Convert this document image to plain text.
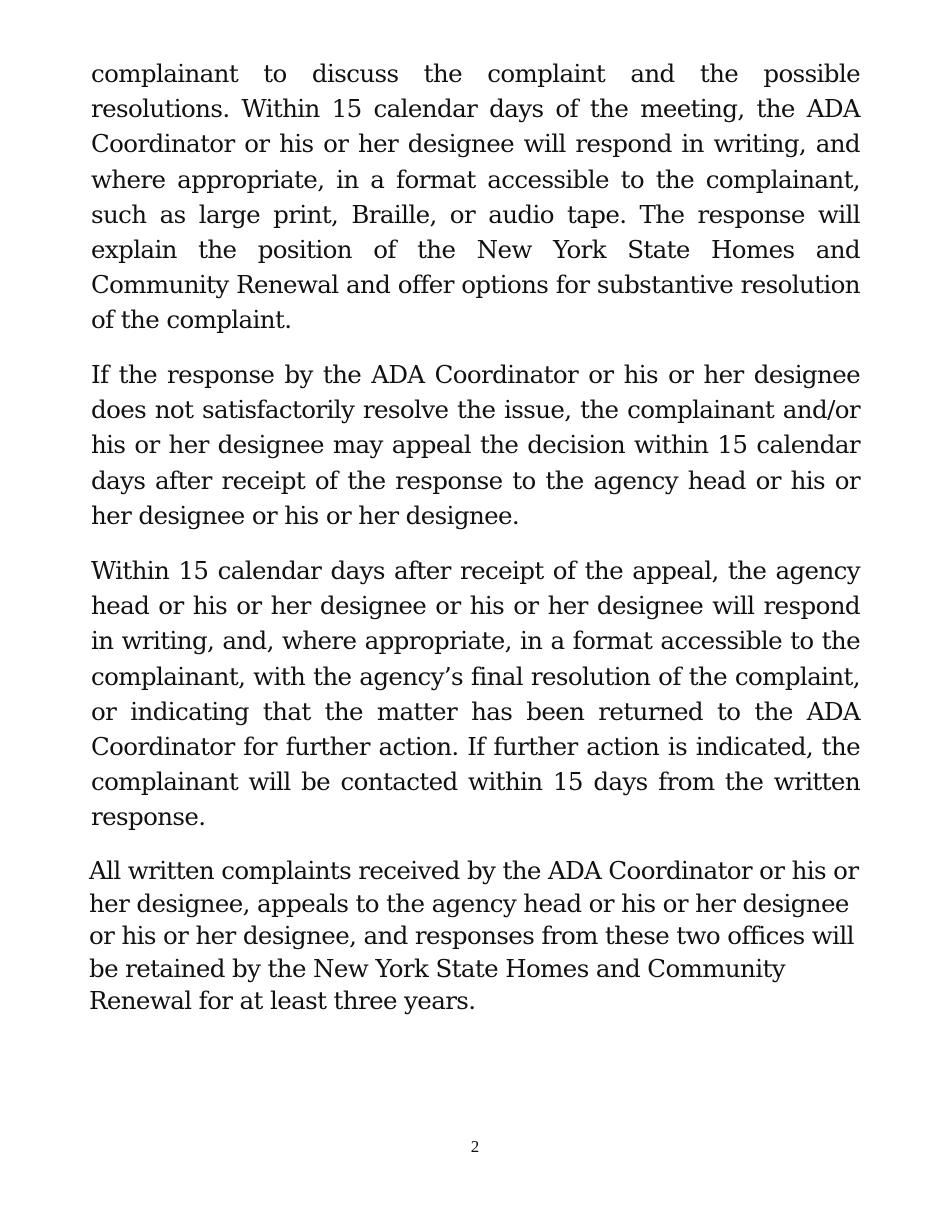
complainant to discuss the complaint and the possible resolutions. Within 15 calendar days of the meeting, the ADA Coordinator or his or her designee will respond in writing, and where appropriate, in a format accessible to the complainant, such as large print, Braille, or audio tape. The response will explain the position of the New York State Homes and Community Renewal and offer options for substantive resolution of the complaint.

If the response by the ADA Coordinator or his or her designee does not satisfactorily resolve the issue, the complainant and/or his or her designee may appeal the decision within 15 calendar days after receipt of the response to the agency head or his or her designee or his or her designee.

Within 15 calendar days after receipt of the appeal, the agency head or his or her designee or his or her designee will respond in writing, and, where appropriate, in a format accessible to the complainant, with the agency’s final resolution of the complaint, or indicating that the matter has been returned to the ADA Coordinator for further action. If further action is indicated, the complainant will be contacted within 15 days from the written response.

All written complaints received by the ADA Coordinator or his or her designee, appeals to the agency head or his or her designee or his or her designee, and responses from these two offices will be retained by the New York State Homes and Community Renewal for at least three years.

2
